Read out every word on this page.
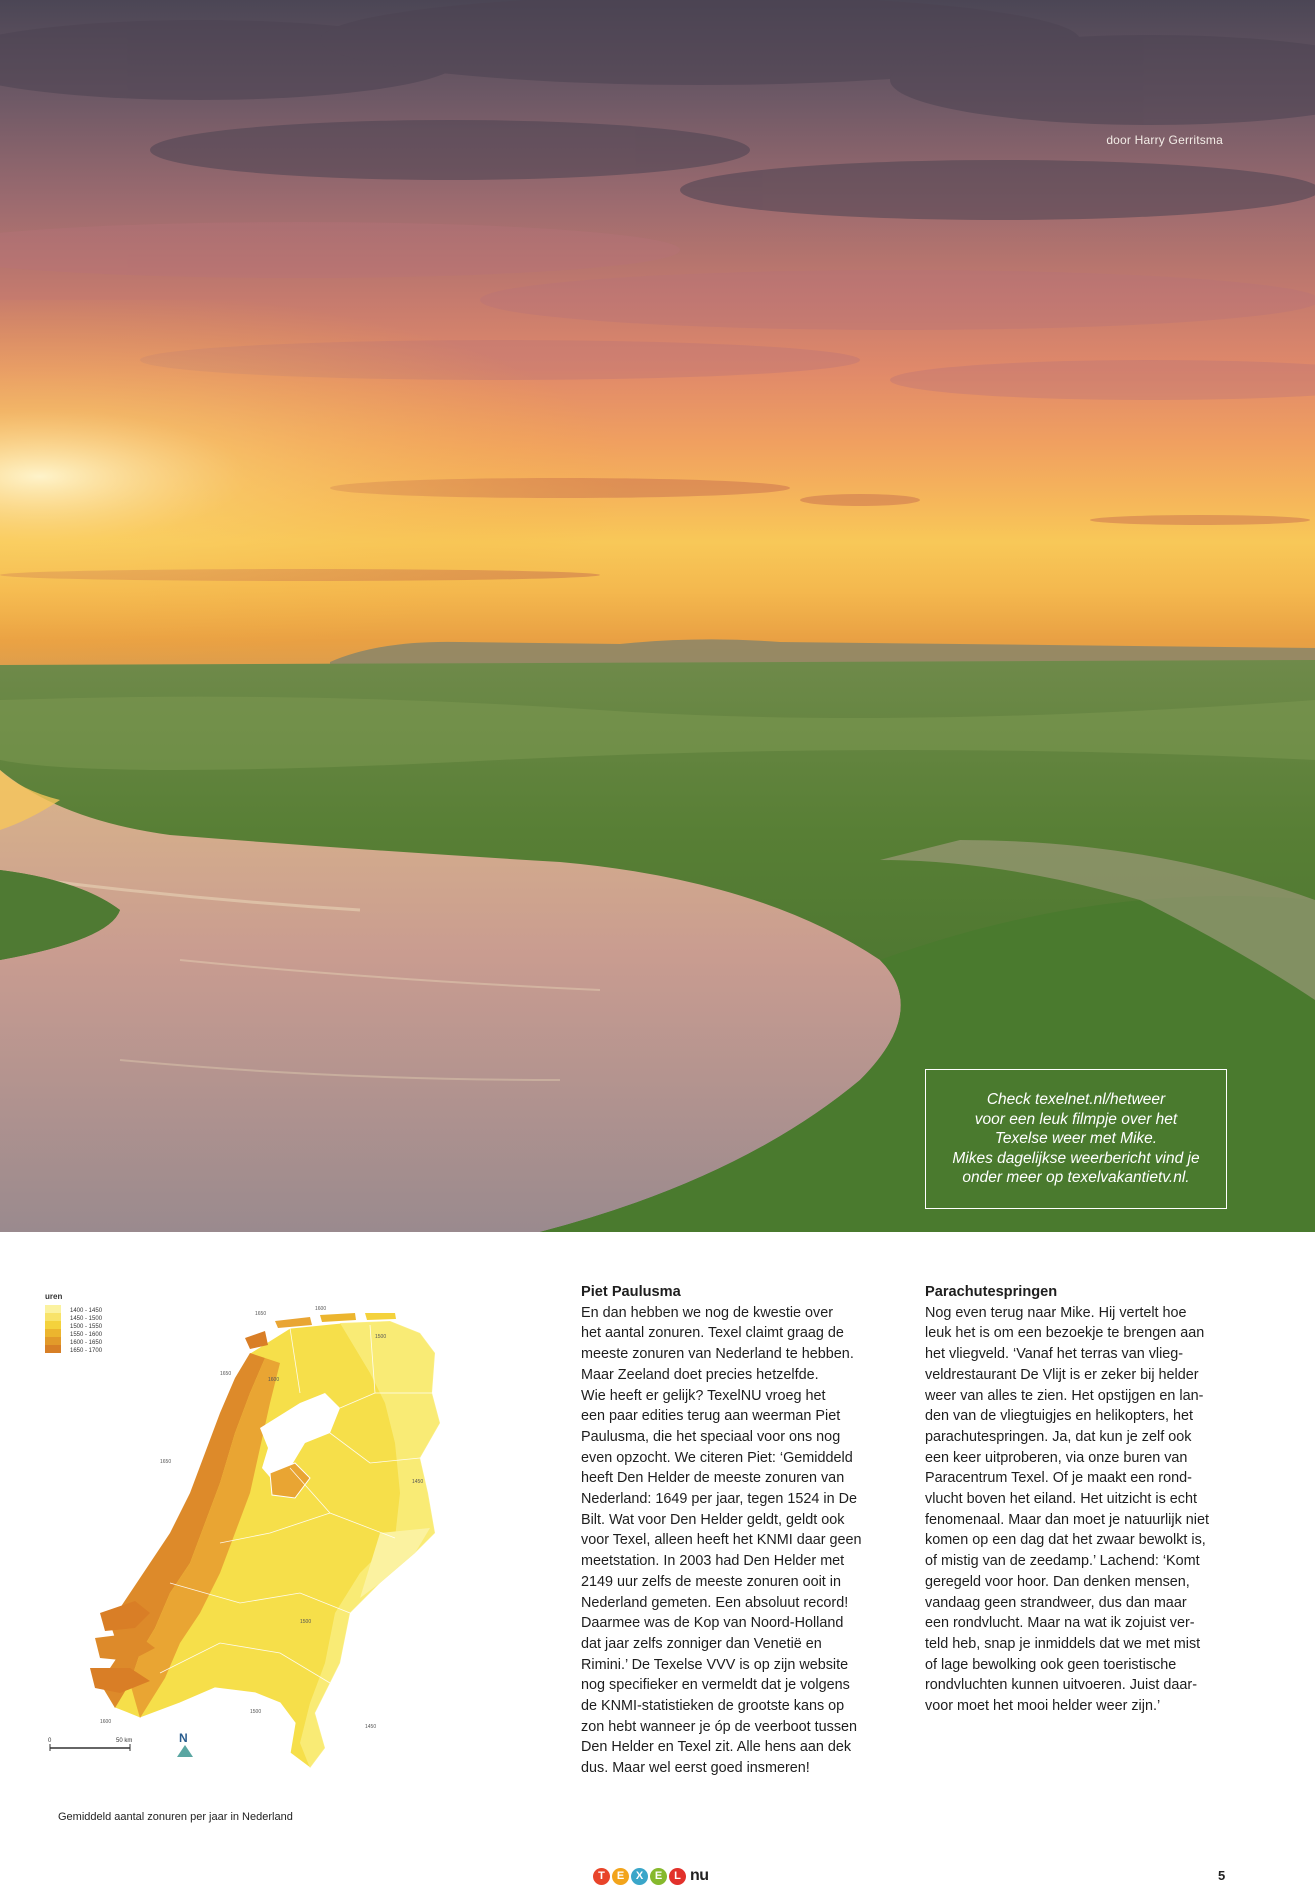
door Harry Gerritsma
Check texelnet.nl/hetweer
voor een leuk filmpje over het
Texelse weer met Mike.
Mikes dagelijkse weerbericht vind je
onder meer op texelvakantietv.nl.
uren
1400 - 1450
1450 - 1500
1500 - 1550
1550 - 1600
1600 - 1650
1650 - 1700
1650
1600
1500
1650
1600
1650
1450
1500
1500
1600
1450
0	50 km	N
Gemiddeld aantal zonuren per jaar in Nederland
Piet Paulusma

En dan hebben we nog de kwestie over
het aantal zonuren. Texel claimt graag de
meeste zonuren van Nederland te hebben.
Maar Zeeland doet precies hetzelfde.
Wie heeft er gelijk? TexelNU vroeg het
een paar edities terug aan weerman Piet
Paulusma, die het speciaal voor ons nog
even opzocht. We citeren Piet: ‘Gemiddeld
heeft Den Helder de meeste zonuren van
Nederland: 1649 per jaar, tegen 1524 in De
Bilt. Wat voor Den Helder geldt, geldt ook
voor Texel, alleen heeft het KNMI daar geen
meetstation. In 2003 had Den Helder met
2149 uur zelfs de meeste zonuren ooit in
Nederland gemeten. Een absoluut record!
Daarmee was de Kop van Noord-Holland
dat jaar zelfs zonniger dan Venetië en
Rimini.’ De Texelse VVV is op zijn website
nog specifieker en vermeldt dat je volgens
de KNMI-statistieken de grootste kans op
zon hebt wanneer je óp de veerboot tussen
Den Helder en Texel zit. Alle hens aan dek
dus. Maar wel eerst goed insmeren!

Parachutespringen

Nog even terug naar Mike. Hij vertelt hoe
leuk het is om een bezoekje te brengen aan
het vliegveld. ‘Vanaf het terras van vlieg-
veldrestaurant De Vlijt is er zeker bij helder
weer van alles te zien. Het opstijgen en lan-
den van de vliegtuigjes en helikopters, het
parachutespringen. Ja, dat kun je zelf ook
een keer uitproberen, via onze buren van
Paracentrum Texel. Of je maakt een rond-
vlucht boven het eiland. Het uitzicht is echt
fenomenaal. Maar dan moet je natuurlijk niet
komen op een dag dat het zwaar bewolkt is,
of mistig van de zeedamp.’ Lachend: ‘Komt
geregeld voor hoor. Dan denken mensen,
vandaag geen strandweer, dus dan maar
een rondvlucht. Maar na wat ik zojuist ver-
teld heb, snap je inmiddels dat we met mist
of lage bewolking ook geen toeristische
rondvluchten kunnen uitvoeren. Juist daar-
voor moet het mooi helder weer zijn.’

T	E	X	E	L nu	5
